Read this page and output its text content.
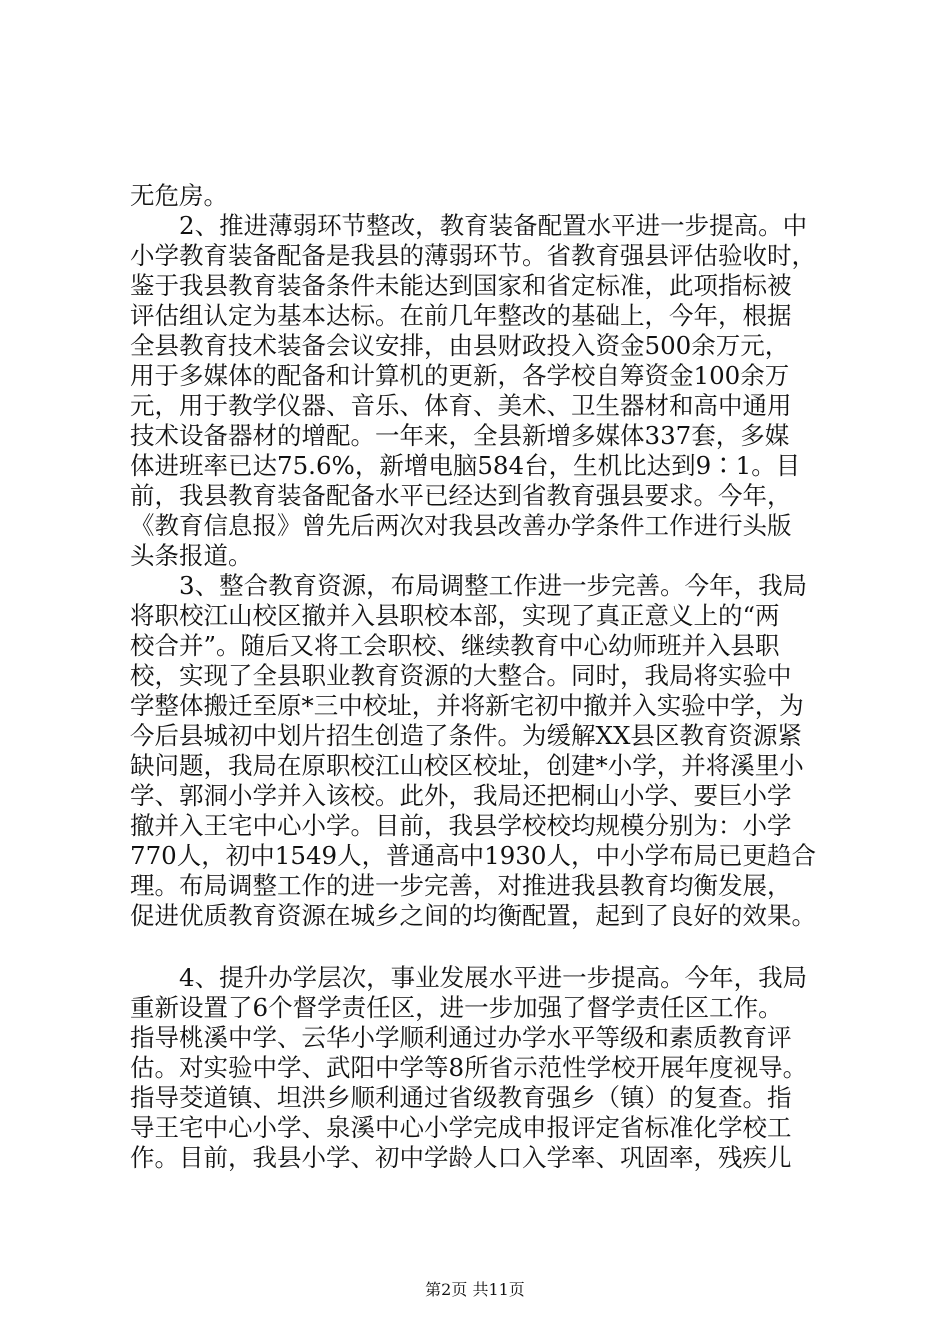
无危房。
　　2、推进薄弱环节整改，教育装备配置水平进一步提高。中
小学教育装备配备是我县的薄弱环节。省教育强县评估验收时，
鉴于我县教育装备条件未能达到国家和省定标准，此项指标被
评估组认定为基本达标。在前几年整改的基础上，今年，根据
全县教育技术装备会议安排，由县财政投入资金500余万元，
用于多媒体的配备和计算机的更新，各学校自筹资金100余万
元，用于教学仪器、音乐、体育、美术、卫生器材和高中通用
技术设备器材的增配。一年来，全县新增多媒体337套，多媒
体进班率已达75.6%，新增电脑584台，生机比达到9∶1。目
前，我县教育装备配备水平已经达到省教育强县要求。今年，
《教育信息报》曾先后两次对我县改善办学条件工作进行头版
头条报道。
　　3、整合教育资源，布局调整工作进一步完善。今年，我局
将职校江山校区撤并入县职校本部，实现了真正意义上的“两
校合并”。随后又将工会职校、继续教育中心幼师班并入县职
校，实现了全县职业教育资源的大整合。同时，我局将实验中
学整体搬迁至原*三中校址，并将新宅初中撤并入实验中学，为
今后县城初中划片招生创造了条件。为缓解XX县区教育资源紧
缺问题，我局在原职校江山校区校址，创建*小学，并将溪里小
学、郭洞小学并入该校。此外，我局还把桐山小学、要巨小学
撤并入王宅中心小学。目前，我县学校校均规模分别为：小学
770人，初中1549人，普通高中1930人，中小学布局已更趋合
理。布局调整工作的进一步完善，对推进我县教育均衡发展，
促进优质教育资源在城乡之间的均衡配置，起到了良好的效果。
　　4、提升办学层次，事业发展水平进一步提高。今年，我局
重新设置了6个督学责任区，进一步加强了督学责任区工作。
指导桃溪中学、云华小学顺利通过办学水平等级和素质教育评
估。对实验中学、武阳中学等8所省示范性学校开展年度视导。
指导茭道镇、坦洪乡顺利通过省级教育强乡（镇）的复查。指
导王宅中心小学、泉溪中心小学完成申报评定省标准化学校工
作。目前，我县小学、初中学龄人口入学率、巩固率，残疾儿
第2页 共11页
